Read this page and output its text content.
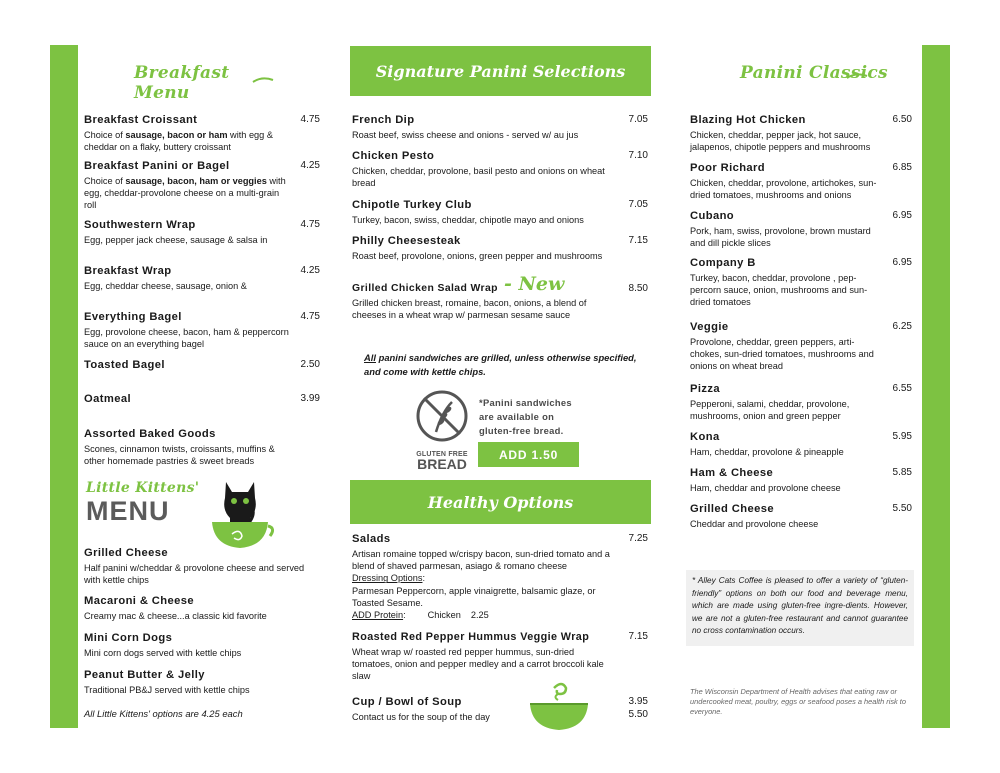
Breakfast Menu
Breakfast Croissant	4.75
Choice of sausage, bacon or ham with egg & cheddar on a flaky, buttery croissant
Breakfast Panini or Bagel	4.25
Choice of sausage, bacon, ham or veggies with egg, cheddar-provolone cheese on a multi-grain roll
Southwestern Wrap	4.75
Egg, pepper jack cheese, sausage & salsa in
Breakfast Wrap	4.25
Egg, cheddar cheese, sausage, onion &
Everything Bagel	4.75
Egg, provolone cheese, bacon, ham & peppercorn sauce on an everything bagel
Toasted Bagel	2.50
Oatmeal	3.99
Assorted Baked Goods
Scones, cinnamon twists, croissants, muffins & other homemade pastries & sweet breads
Little Kittens'
MENU
Grilled Cheese
Half panini w/cheddar & provolone cheese and served with kettle chips
Macaroni & Cheese
Creamy mac & cheese...a classic kid favorite
Mini Corn Dogs
Mini corn dogs served with kettle chips
Peanut Butter & Jelly
Traditional PB&J served with kettle chips
All Little Kittens' options are 4.25 each
Signature Panini Selections
French Dip	7.05
Roast beef, swiss cheese and onions - served w/ au jus
Chicken Pesto	7.10
Chicken, cheddar, provolone, basil pesto and onions on wheat bread
Chipotle Turkey Club	7.05
Turkey, bacon, swiss, cheddar, chipotle mayo and onions
Philly Cheesesteak	7.15
Roast beef, provolone, onions, green pepper and mushrooms
Grilled Chicken Salad Wrap - New	8.50
Grilled chicken breast, romaine, bacon, onions, a blend of cheeses in a wheat wrap w/ parmesan sesame sauce
All panini sandwiches are grilled, unless otherwise specified, and come with kettle chips.
GLUTEN FREE
BREAD
*Panini sandwiches are available on gluten-free bread.
ADD 1.50
Healthy Options
Salads	7.25
Artisan romaine topped w/crispy bacon, sun-dried tomato and a blend of shaved parmesan, asiago & romano cheese
Dressing Options:
Parmesan Peppercorn, apple vinaigrette, balsamic glaze, or Toasted Sesame.
ADD Protein: Chicken 2.25
Roasted Red Pepper Hummus Veggie Wrap	7.15
Wheat wrap w/ roasted red pepper hummus, sun-dried tomatoes, onion and pepper medley and a carrot broccoli kale slaw
Cup / Bowl of Soup	3.95
5.50
Contact us for the soup of the day
Panini Classics
Blazing Hot Chicken	6.50
Chicken, cheddar, pepper jack, hot sauce, jalapenos, chipotle peppers and mushrooms
Poor Richard	6.85
Chicken, cheddar, provolone, artichokes, sun-dried tomatoes, mushrooms and onions
Cubano	6.95
Pork, ham, swiss, provolone, brown mustard and dill pickle slices
Company B	6.95
Turkey, bacon, cheddar, provolone , pep-percorn sauce, onion, mushrooms and sun-dried tomatoes
Veggie	6.25
Provolone, cheddar, green peppers, arti-chokes, sun-dried tomatoes, mushrooms and onions on wheat bread
Pizza	6.55
Pepperoni, salami, cheddar, provolone, mushrooms, onion and green pepper
Kona	5.95
Ham, cheddar, provolone & pineapple
Ham & Cheese	5.85
Ham, cheddar and provolone cheese
Grilled Cheese	5.50
Cheddar and provolone cheese
* Alley Cats Coffee is pleased to offer a variety of “gluten-friendly” options on both our food and beverage menu, which are made using gluten-free ingre-dients. However, we are not a gluten-free restaurant and cannot guarantee no cross contamination occurs.
The Wisconsin Department of Health advises that eating raw or undercooked meat, poultry, eggs or seafood poses a health risk to everyone.
